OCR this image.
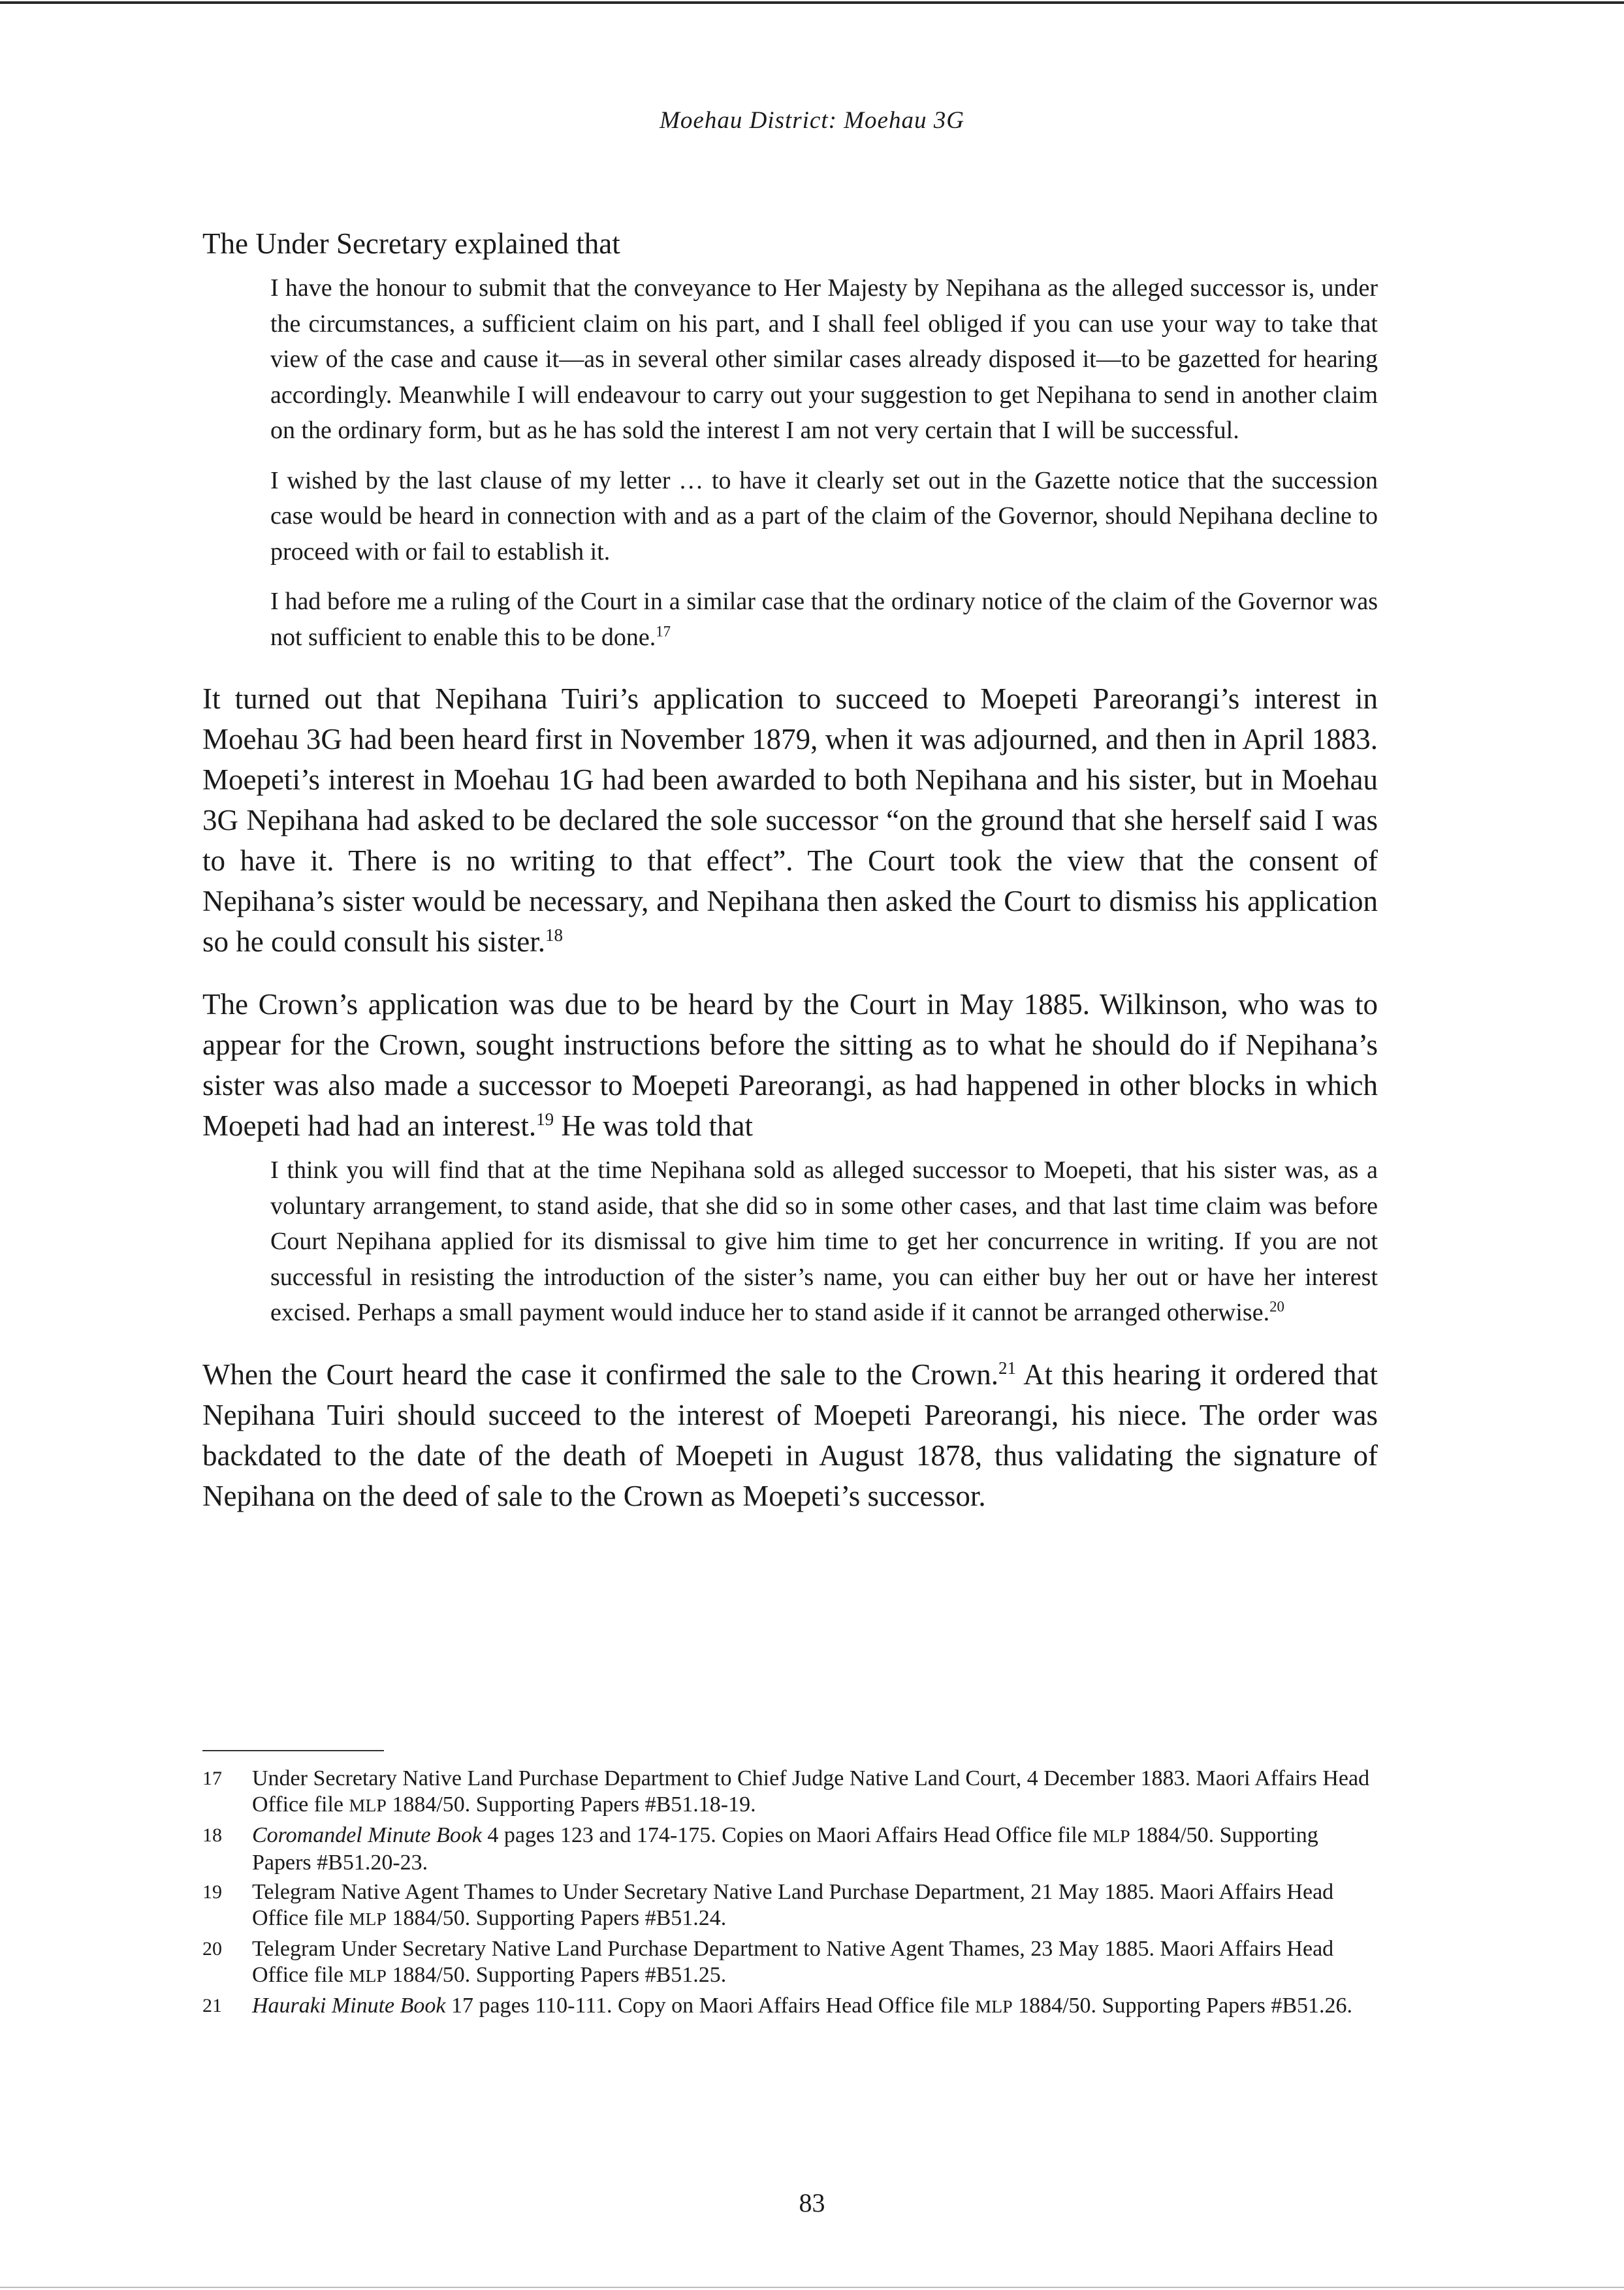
Moehau District: Moehau 3G

The Under Secretary explained that

I have the honour to submit that the conveyance to Her Majesty by Nepihana as the alleged successor is, under the circumstances, a sufficient claim on his part, and I shall feel obliged if you can use your way to take that view of the case and cause it—as in several other similar cases already disposed it—to be gazetted for hearing accordingly. Meanwhile I will endeavour to carry out your suggestion to get Nepihana to send in another claim on the ordinary form, but as he has sold the interest I am not very certain that I will be successful.

I wished by the last clause of my letter … to have it clearly set out in the Gazette notice that the succession case would be heard in connection with and as a part of the claim of the Governor, should Nepihana decline to proceed with or fail to establish it.

I had before me a ruling of the Court in a similar case that the ordinary notice of the claim of the Governor was not sufficient to enable this to be done.$^{17}$

It turned out that Nepihana Tuiri’s application to succeed to Moepeti Pareorangi’s interest in Moehau 3G had been heard first in November 1879, when it was adjourned, and then in April 1883. Moepeti’s interest in Moehau 1G had been awarded to both Nepihana and his sister, but in Moehau 3G Nepihana had asked to be declared the sole successor “on the ground that she herself said I was to have it. There is no writing to that effect”. The Court took the view that the consent of Nepihana’s sister would be necessary, and Nepihana then asked the Court to dismiss his application so he could consult his sister.$^{18}$

The Crown’s application was due to be heard by the Court in May 1885. Wilkinson, who was to appear for the Crown, sought instructions before the sitting as to what he should do if Nepihana’s sister was also made a successor to Moepeti Pareorangi, as had happened in other blocks in which Moepeti had had an interest.$^{19}$ He was told that

I think you will find that at the time Nepihana sold as alleged successor to Moepeti, that his sister was, as a voluntary arrangement, to stand aside, that she did so in some other cases, and that last time claim was before Court Nepihana applied for its dismissal to give him time to get her concurrence in writing. If you are not successful in resisting the introduction of the sister’s name, you can either buy her out or have her interest excised. Perhaps a small payment would induce her to stand aside if it cannot be arranged otherwise.$^{20}$

When the Court heard the case it confirmed the sale to the Crown.$^{21}$ At this hearing it ordered that Nepihana Tuiri should succeed to the interest of Moepeti Pareorangi, his niece. The order was backdated to the date of the death of Moepeti in August 1878, thus validating the signature of Nepihana on the deed of sale to the Crown as Moepeti’s successor.

17	Under Secretary Native Land Purchase Department to Chief Judge Native Land Court, 4 December 1883. Maori Affairs Head Office file MLP 1884/50. Supporting Papers #B51.18-19.
18	Coromandel Minute Book 4 pages 123 and 174-175. Copies on Maori Affairs Head Office file MLP 1884/50. Supporting Papers #B51.20-23.
19	Telegram Native Agent Thames to Under Secretary Native Land Purchase Department, 21 May 1885. Maori Affairs Head Office file MLP 1884/50. Supporting Papers #B51.24.
20	Telegram Under Secretary Native Land Purchase Department to Native Agent Thames, 23 May 1885. Maori Affairs Head Office file MLP 1884/50. Supporting Papers #B51.25.
21	Hauraki Minute Book 17 pages 110-111. Copy on Maori Affairs Head Office file MLP 1884/50. Supporting Papers #B51.26.
83
